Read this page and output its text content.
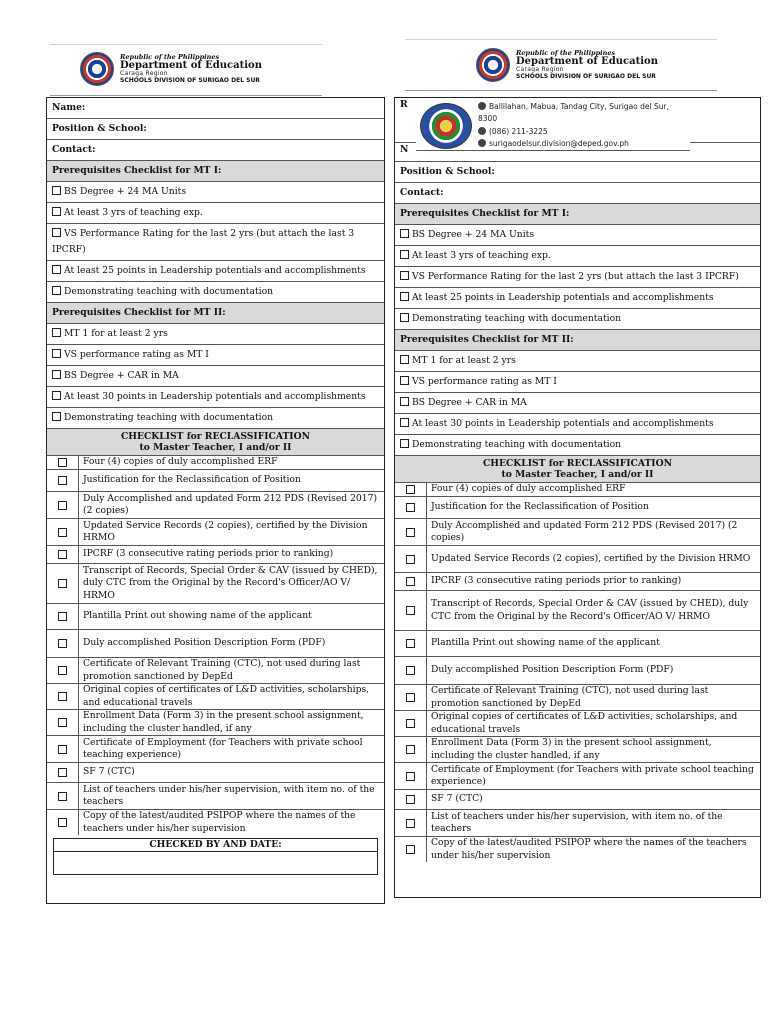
Republic of the Philippines
Department of Education
Caraga Region
SCHOOLS DIVISION OF SURIGAO DEL SUR
Republic of the Philippines
Department of Education
Caraga Region
SCHOOLS DIVISION OF SURIGAO DEL SUR
Name:
Position & School:
Contact:
Prerequisites Checklist for MT I:
BS Degree + 24 MA Units
At least 3 yrs of teaching exp.
VS Performance Rating for the last 2 yrs (but attach the last 3 IPCRF)
At least 25 points in Leadership potentials and accomplishments
Demonstrating teaching with documentation
Prerequisites Checklist for MT II:
MT 1 for at least 2 yrs
VS performance rating as MT I
BS Degree + CAR in MA
At least 30 points in Leadership potentials and accomplishments
Demonstrating teaching with documentation
CHECKLIST for RECLASSIFICATION
to Master Teacher, I and/or II
Four (4) copies of duly accomplished ERF
Justification for the Reclassification of Position
Duly Accomplished and updated Form 212 PDS (Revised 2017) (2 copies)
Updated Service Records (2 copies), certified by the Division HRMO
IPCRF (3 consecutive rating periods prior to ranking)
Transcript of Records, Special Order & CAV (issued by CHED), duly CTC from the Original by the Record's Officer/AO V/ HRMO
Plantilla Print out showing name of the applicant
Duly accomplished Position Description Form (PDF)
Certificate of Relevant Training (CTC), not used during last promotion sanctioned by DepEd
Original copies of certificates of L&D activities, scholarships, and educational travels
Enrollment Data (Form 3) in the present school assignment, including the cluster handled, if any
Certificate of Employment (for Teachers with private school teaching experience)
SF 7 (CTC)
List of teachers under his/her supervision, with item no. of the teachers
Copy of the latest/audited PSIPOP where the names of the teachers under his/her supervision
CHECKED BY AND DATE:
Position & School:
Contact:
Prerequisites Checklist for MT I:
BS Degree + 24 MA Units
At least 3 yrs of teaching exp.
VS Performance Rating for the last 2 yrs (but attach the last 3 IPCRF)
At least 25 points in Leadership potentials and accomplishments
Demonstrating teaching with documentation
Prerequisites Checklist for MT II:
MT 1 for at least 2 yrs
VS performance rating as MT I
BS Degree + CAR in MA
At least 30 points in Leadership potentials and accomplishments
Demonstrating teaching with documentation
CHECKLIST for RECLASSIFICATION
to Master Teacher, I and/or II
Four (4) copies of duly accomplished ERF
Justification for the Reclassification of Position
Duly Accomplished and updated Form 212 PDS (Revised 2017) (2 copies)
Updated Service Records (2 copies), certified by the Division HRMO
IPCRF (3 consecutive rating periods prior to ranking)
Transcript of Records, Special Order & CAV (issued by CHED), duly CTC from the Original by the Record's Officer/AO V/ HRMO
Plantilla Print out showing name of the applicant
Duly accomplished Position Description Form (PDF)
Certificate of Relevant Training (CTC), not used during last promotion sanctioned by DepEd
Original copies of certificates of L&D activities, scholarships, and educational travels
Enrollment Data (Form 3) in the present school assignment, including the cluster handled, if any
Certificate of Employment (for Teachers with private school teaching experience)
SF 7 (CTC)
List of teachers under his/her supervision, with item no. of the teachers
Copy of the latest/audited PSIPOP where the names of the teachers under his/her supervision
R
N
Ballilahan, Mabua, Tandag City, Surigao del Sur, 8300
(086) 211-3225
surigaodelsur.division@deped.gov.ph
